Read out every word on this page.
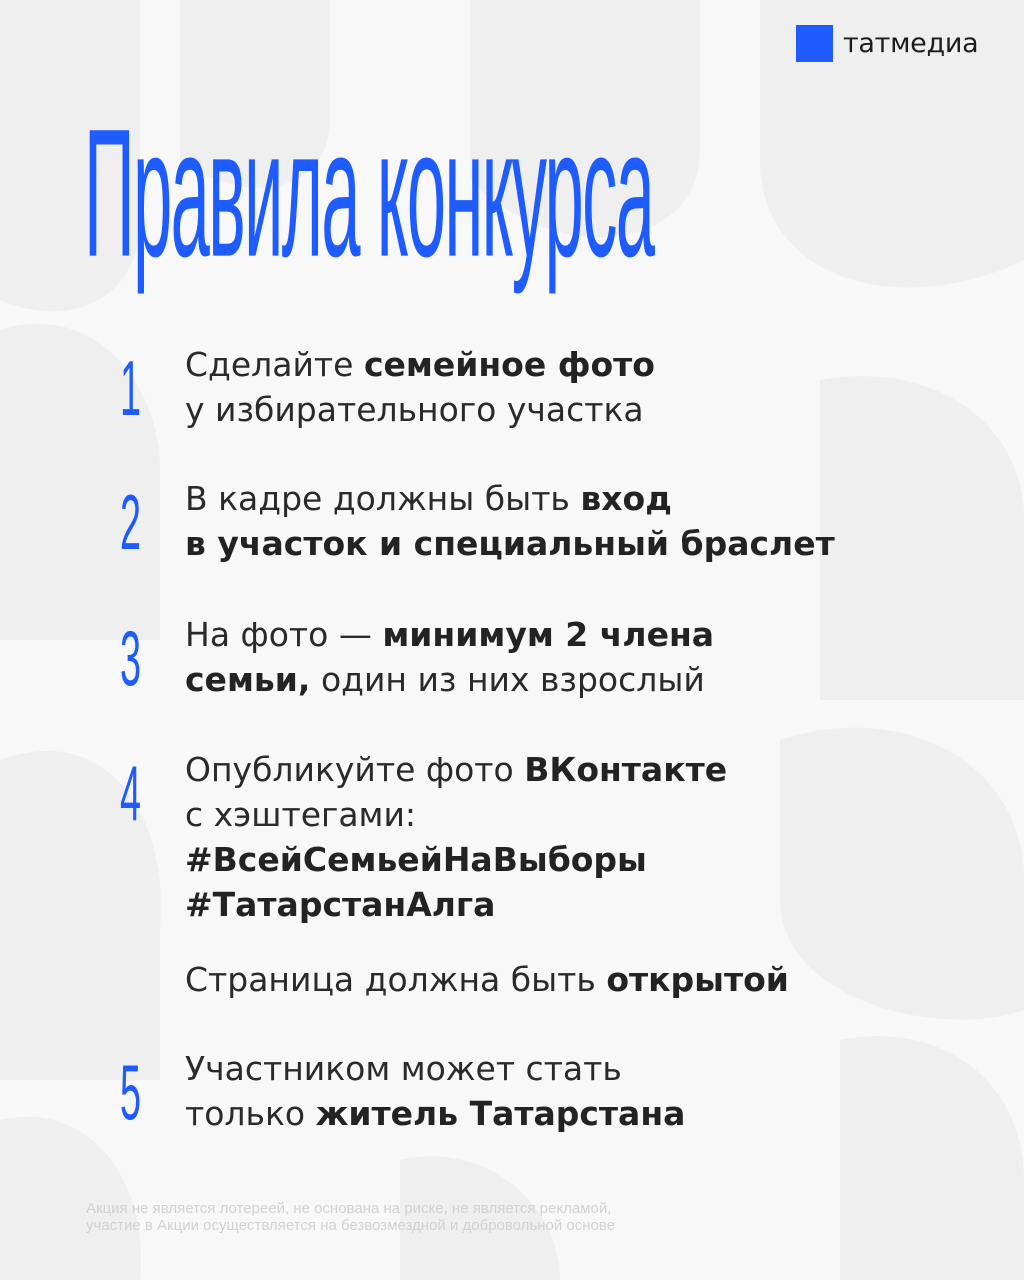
татмедиа
Правила конкурса
1 Сделайте семейное фото
у избирательного участка
2 В кадре должны быть вход
в участок и специальный браслет
3 На фото — минимум 2 члена
семьи, один из них взрослый
4 Опубликуйте фото ВКонтакте
с хэштегами:
#ВсейСемьейНаВыборы
#ТатарстанАлга
Страница должна быть открытой
5 Участником может стать
только житель Татарстана
Акция не является лотереей, не основана на риске, не является рекламой,
участие в Акции осуществляется на безвозмездной и добровольной основе
